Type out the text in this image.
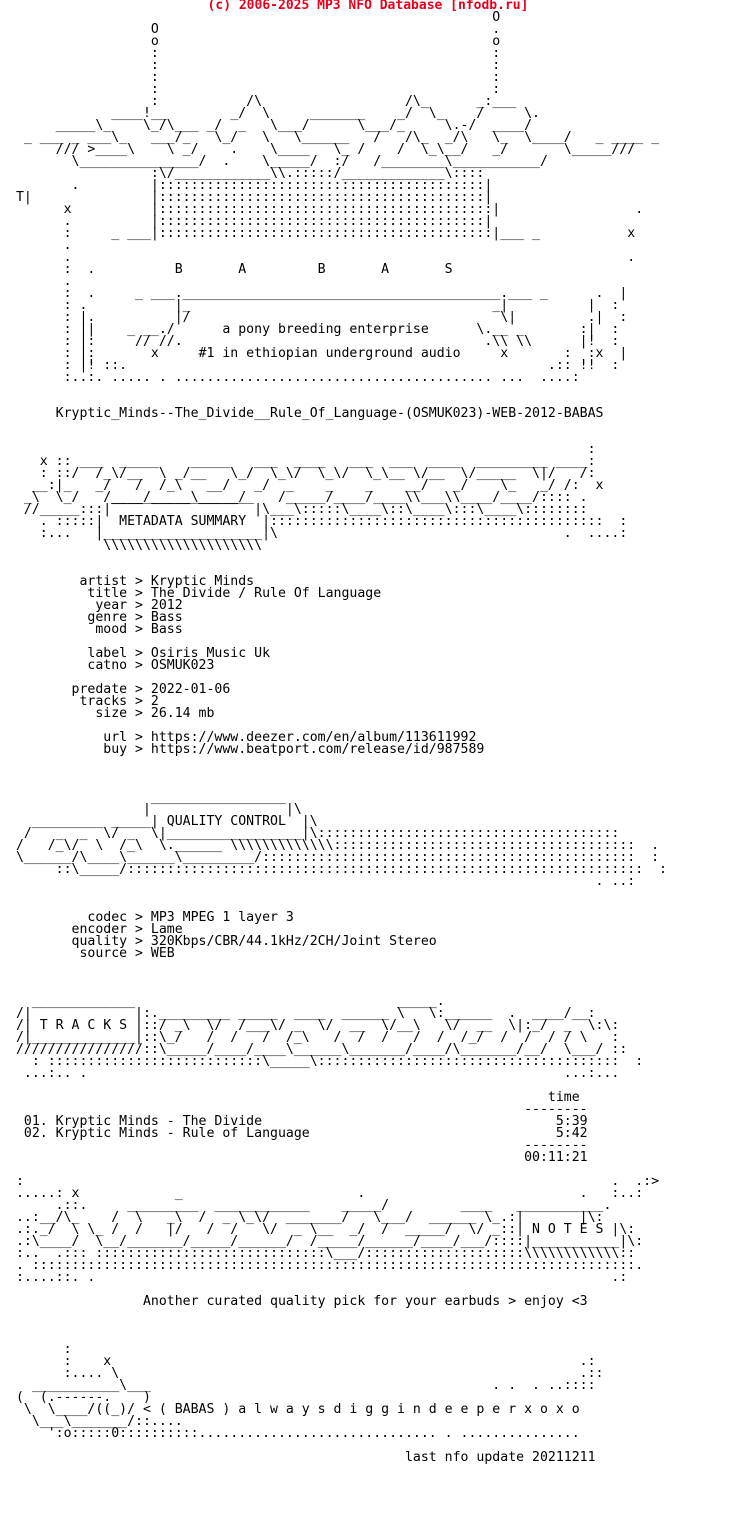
(c) 2006-2025 MP3 NFO Database [nfodb.ru]

O
O                                          .
o                                          o
:                                          :
:                                          :
:                                          :
:                                          :
:           /\                  /\_      _:___
____!__        _/  \     _______    _/  \_    /     \.
_____\_    \_/\___ _/  _   \___/      \___/_     \.-/  ____/
_ ___ _ ___\_   ___/_   \_/   \   \______   /   /\_  _/\   \_  \____/   _ ____ _
/// >____\    \ _/    .    \____   \_ /    /  \_\__/   _/       \_____///
\_______________/  .    \_____/  :/   /________\___________/
:\/____________\\.:::::/_____________\::::
.         |:::::::::::::::::::::::::::::::::::::::::|
T|               |:::::::::::::::::::::::::::::::::::::::::|
x          |::::::::::::::::::::::::::::::::::::::::::|                 .
.          |:::::::::::::::::::::::::::::::::::::::::|
:     _ ___|::::::::::::::::::::::::::::::::::::::::::|___ _           x
.
.                                                                      .
:  .          B       A         B       A       S
.
:  .     _ ___.________________________________________.___ _      .  |
: .           |_                                      _|          |  :
: |.          |/                                       \|         .|  :
: ||    _ __./      a pony breeding enterprise      \.__ _       :|  :
: |:     // //.                                      .\\ \\      |!  :
: |:       x     #1 in ethiopian underground audio     x       :  :x  |
: |! ::.                                                     .:: !!  :
:..:. ..... . ........................................ ...  ....:

Kryptic_Minds--The_Divide__Rule_Of_Language-(OSMUK023)-WEB-2012-BABAS

:
x :: ___  _____    _____   ___  ____   ___  ___  ____  _________ ____:
: ::/  /_\/__  \ _/__   \_/  \_\/  \_\/  \_\__ \/__  \/_____  \|/   /:
__:|_   _/   /  /_\   __/   _/  _    _    _    __/   _/    \_   _/ /:  x
_\  \_/   /____/_____\_____/    /_____/____/____\\___\\____/____/:::: .
//_____:::|‾‾‾‾‾‾‾‾‾‾‾‾‾‾‾‾‾‾|\___\:::::\____\::\____\:::\____\::::::::
. :::::|  METADATA SUMMARY  |::::::::::::::::::::::::::::::::::::::::::  :
:...   |____________________|\                                    .  ....:
\\\\\\\\\\\\\\\\\\\\

artist > Kryptic Minds
title > The Divide / Rule Of Language
year > 2012
genre > Bass
mood > Bass

label > Osiris Music Uk
catno > OSMUK023

predate > 2022-01-06
tracks > 2
size > 26.14 mb

url > https://www.deezer.com/en/album/113611992
buy > https://www.beatport.com/release/id/987589

_________________
|                 |\
_________ _____| QUALITY CONTROL  |\
/   _  _  \/ _  \|_________________|\::::::::::::::::::::::::::::::::::::::
/   /_\/  \  /_\  \.______ \\\\\\\\\\\\\::::::::::::::::::::::::::::::::::::::  .
\______/\____\______\_________/:::::::::::::::::::::::::::::::::::::::::::::::  :
::\_____/:::::::::::::::::::::::::::::::::::::::::::::::::::::::::::::::::  :
. ..:

codec > MP3 MPEG 1 layer 3
encoder > Lame
quality > 320Kbps/CBR/44.1kHz/2CH/Joint Stereo
source > WEB

_____________                                 _____.
/|             |:._________ _____  ____  ______ \   \:______  .  ____/__:
/| T R A C K S |::/ _\  \/  /___\/ _  \/  __  \/__\   \/  __  \|:_/  _  \:\:
/|_____________|::\_/   /  /   /  /_\   /  /  /   /  /  /_/  /  /  / / \   :
////////////////::\_____/____/____\______\_______/____/\_______/__/  \___/ ::
: :::::::::::::::::::::::::::\_____\::::::::::::::::::::::::::::::::::::::  :
...:.. .                                                            ...:...

time
--------
01. Kryptic Minds - The Divide                                     5:39
02. Kryptic Minds - Rule of Language                               5:42
--------
00:11:21

:                                                                          .  .:>
.....: x            _                      .                           .   :..:
.::.     _________  ____________    _____/         ____   ___________.
..:__/\_    /  \   _\  /  _ \_\/  _______/   \___/  ______ \_.:|       |\:
.:._/  \ \_ /  /   |/   /  /   \/  _ \__  _/  /  _____/  \/ _::| N O T E S |\:
.:\____/  \__/_______/_____/______/  /_____/______/____/___/::::|___________|\:
:..  .::: :::::::::::::::::::::::::::::\___/::::::::::::::::::::\\\\\\\\\\\\::
. ::::::::::::::::::::::::::::::::::::::::::::::::::::::::::::::::::::::::::::.
:....::. .                                                                 .:

Another curated quality pick for your earbuds > enjoy <3

:
:    x                                                           .:
:.... \                                                          .::
___________\___                                           . .  . ..::::
(  (.------.    )
\  \____/((_)/ < ( BABAS ) a l w a y s d i g g i n d e e p e r x o x o
\___\_______/::....
':o:::::0::::::::::.............................. . ...............

last nfo update 20211211
